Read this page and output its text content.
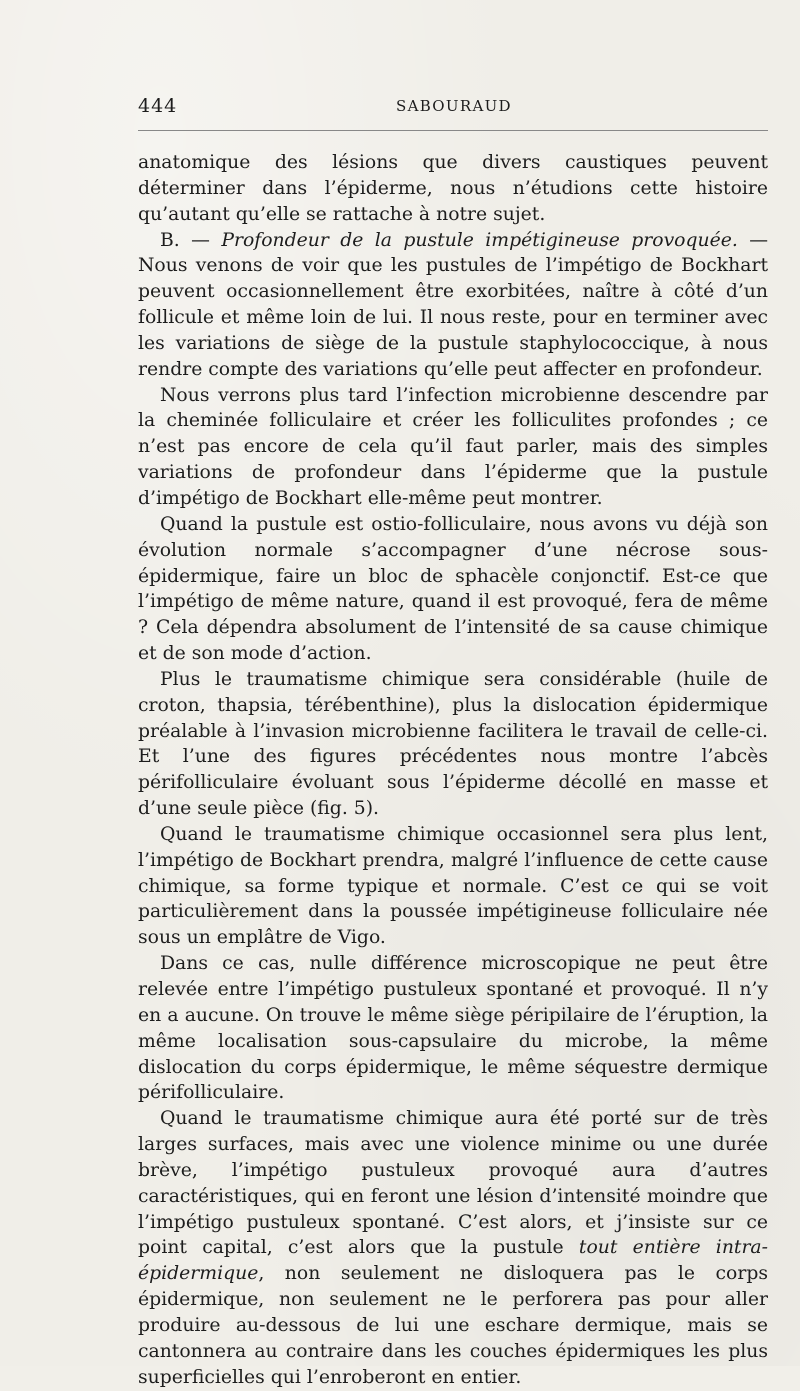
444	SABOURAUD

anatomique des lésions que divers caustiques peuvent déterminer dans l’épiderme, nous n’étudions cette histoire qu’autant qu’elle se rattache à notre sujet.

B. — Profondeur de la pustule impétigineuse provoquée. — Nous venons de voir que les pustules de l’impétigo de Bockhart peuvent occasionnellement être exorbitées, naître à côté d’un follicule et même loin de lui. Il nous reste, pour en terminer avec les variations de siège de la pustule staphylococcique, à nous rendre compte des variations qu’elle peut affecter en profondeur.

Nous verrons plus tard l’infection microbienne descendre par la cheminée folliculaire et créer les folliculites profondes ; ce n’est pas encore de cela qu’il faut parler, mais des simples variations de profondeur dans l’épiderme que la pustule d’impétigo de Bockhart elle-même peut montrer.

Quand la pustule est ostio-folliculaire, nous avons vu déjà son évolution normale s’accompagner d’une nécrose sous-épidermique, faire un bloc de sphacèle conjonctif. Est-ce que l’impétigo de même nature, quand il est provoqué, fera de même ? Cela dépendra absolument de l’intensité de sa cause chimique et de son mode d’action.

Plus le traumatisme chimique sera considérable (huile de croton, thapsia, térébenthine), plus la dislocation épidermique préalable à l’invasion microbienne facilitera le travail de celle-ci. Et l’une des figures précédentes nous montre l’abcès périfolliculaire évoluant sous l’épiderme décollé en masse et d’une seule pièce (fig. 5).

Quand le traumatisme chimique occasionnel sera plus lent, l’impétigo de Bockhart prendra, malgré l’influence de cette cause chimique, sa forme typique et normale. C’est ce qui se voit particulièrement dans la poussée impétigineuse folliculaire née sous un emplâtre de Vigo.

Dans ce cas, nulle différence microscopique ne peut être relevée entre l’impétigo pustuleux spontané et provoqué. Il n’y en a aucune. On trouve le même siège péripilaire de l’éruption, la même localisation sous-capsulaire du microbe, la même dislocation du corps épidermique, le même séquestre dermique périfolliculaire.

Quand le traumatisme chimique aura été porté sur de très larges surfaces, mais avec une violence minime ou une durée brève, l’impétigo pustuleux provoqué aura d’autres caractéristiques, qui en feront une lésion d’intensité moindre que l’impétigo pustuleux spontané. C’est alors, et j’insiste sur ce point capital, c’est alors que la pustule tout entière intra-épidermique, non seulement ne disloquera pas le corps épidermique, non seulement ne le perforera pas pour aller produire au-dessous de lui une eschare dermique, mais se cantonnera au contraire dans les couches épidermiques les plus superficielles qui l’enroberont en entier.
